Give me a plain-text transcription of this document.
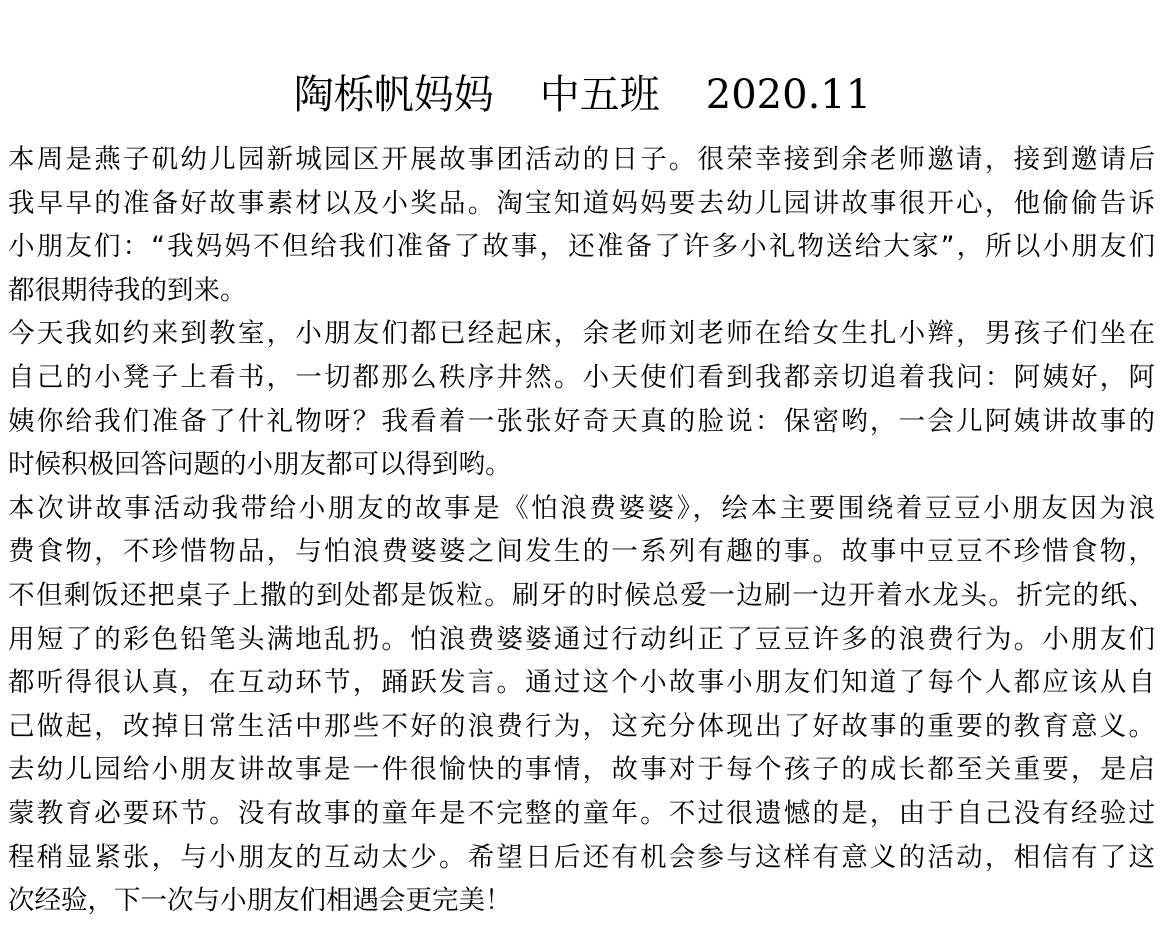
陶栎帆妈妈 中五班 2020.11
本周是燕子矶幼儿园新城园区开展故事团活动的日子。很荣幸接到余老师邀请，接到邀请后
我早早的准备好故事素材以及小奖品。淘宝知道妈妈要去幼儿园讲故事很开心，他偷偷告诉
小朋友们：“我妈妈不但给我们准备了故事，还准备了许多小礼物送给大家”，所以小朋友们
都很期待我的到来。
今天我如约来到教室，小朋友们都已经起床，余老师刘老师在给女生扎小辫，男孩子们坐在
自己的小凳子上看书，一切都那么秩序井然。小天使们看到我都亲切追着我问：阿姨好，阿
姨你给我们准备了什礼物呀？我看着一张张好奇天真的脸说：保密哟，一会儿阿姨讲故事的
时候积极回答问题的小朋友都可以得到哟。
本次讲故事活动我带给小朋友的故事是《怕浪费婆婆》，绘本主要围绕着豆豆小朋友因为浪
费食物，不珍惜物品，与怕浪费婆婆之间发生的一系列有趣的事。故事中豆豆不珍惜食物，
不但剩饭还把桌子上撒的到处都是饭粒。刷牙的时候总爱一边刷一边开着水龙头。折完的纸、
用短了的彩色铅笔头满地乱扔。怕浪费婆婆通过行动纠正了豆豆许多的浪费行为。小朋友们
都听得很认真，在互动环节，踊跃发言。通过这个小故事小朋友们知道了每个人都应该从自
己做起，改掉日常生活中那些不好的浪费行为，这充分体现出了好故事的重要的教育意义。
去幼儿园给小朋友讲故事是一件很愉快的事情，故事对于每个孩子的成长都至关重要，是启
蒙教育必要环节。没有故事的童年是不完整的童年。不过很遗憾的是，由于自己没有经验过
程稍显紧张，与小朋友的互动太少。希望日后还有机会参与这样有意义的活动，相信有了这
次经验，下一次与小朋友们相遇会更完美！
